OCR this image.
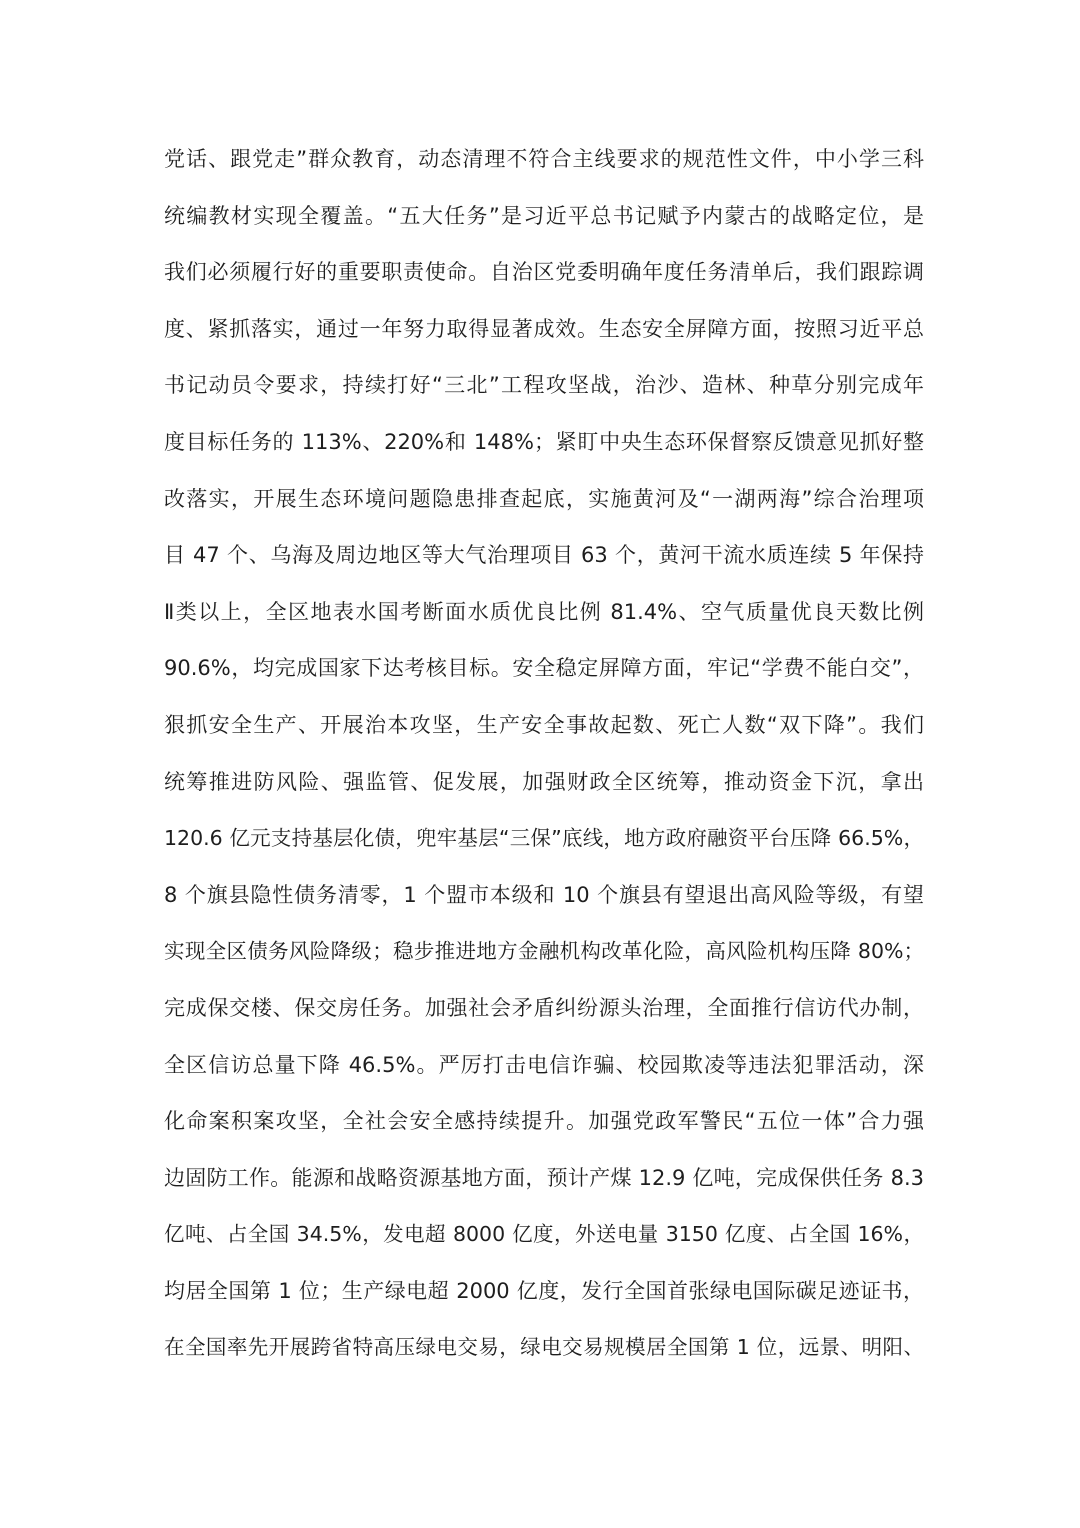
党话、跟党走”群众教育，动态清理不符合主线要求的规范性文件，中小学三科
统编教材实现全覆盖。“五大任务”是习近平总书记赋予内蒙古的战略定位，是
我们必须履行好的重要职责使命。自治区党委明确年度任务清单后，我们跟踪调
度、紧抓落实，通过一年努力取得显著成效。生态安全屏障方面，按照习近平总
书记动员令要求，持续打好“三北”工程攻坚战，治沙、造林、种草分别完成年
度目标任务的 113%、220%和 148%；紧盯中央生态环保督察反馈意见抓好整
改落实，开展生态环境问题隐患排查起底，实施黄河及“一湖两海”综合治理项
目 47 个、乌海及周边地区等大气治理项目 63 个，黄河干流水质连续 5 年保持
Ⅱ类以上，全区地表水国考断面水质优良比例 81.4%、空气质量优良天数比例
90.6%，均完成国家下达考核目标。安全稳定屏障方面，牢记“学费不能白交”，
狠抓安全生产、开展治本攻坚，生产安全事故起数、死亡人数“双下降”。我们
统筹推进防风险、强监管、促发展，加强财政全区统筹，推动资金下沉，拿出
120.6 亿元支持基层化债，兜牢基层“三保”底线，地方政府融资平台压降 66.5%，
8 个旗县隐性债务清零，1 个盟市本级和 10 个旗县有望退出高风险等级，有望
实现全区债务风险降级；稳步推进地方金融机构改革化险，高风险机构压降 80%；
完成保交楼、保交房任务。加强社会矛盾纠纷源头治理，全面推行信访代办制，
全区信访总量下降 46.5%。严厉打击电信诈骗、校园欺凌等违法犯罪活动，深
化命案积案攻坚，全社会安全感持续提升。加强党政军警民“五位一体”合力强
边固防工作。能源和战略资源基地方面，预计产煤 12.9 亿吨，完成保供任务 8.3
亿吨、占全国 34.5%，发电超 8000 亿度，外送电量 3150 亿度、占全国 16%，
均居全国第 1 位；生产绿电超 2000 亿度，发行全国首张绿电国际碳足迹证书，
在全国率先开展跨省特高压绿电交易，绿电交易规模居全国第 1 位，远景、明阳、
